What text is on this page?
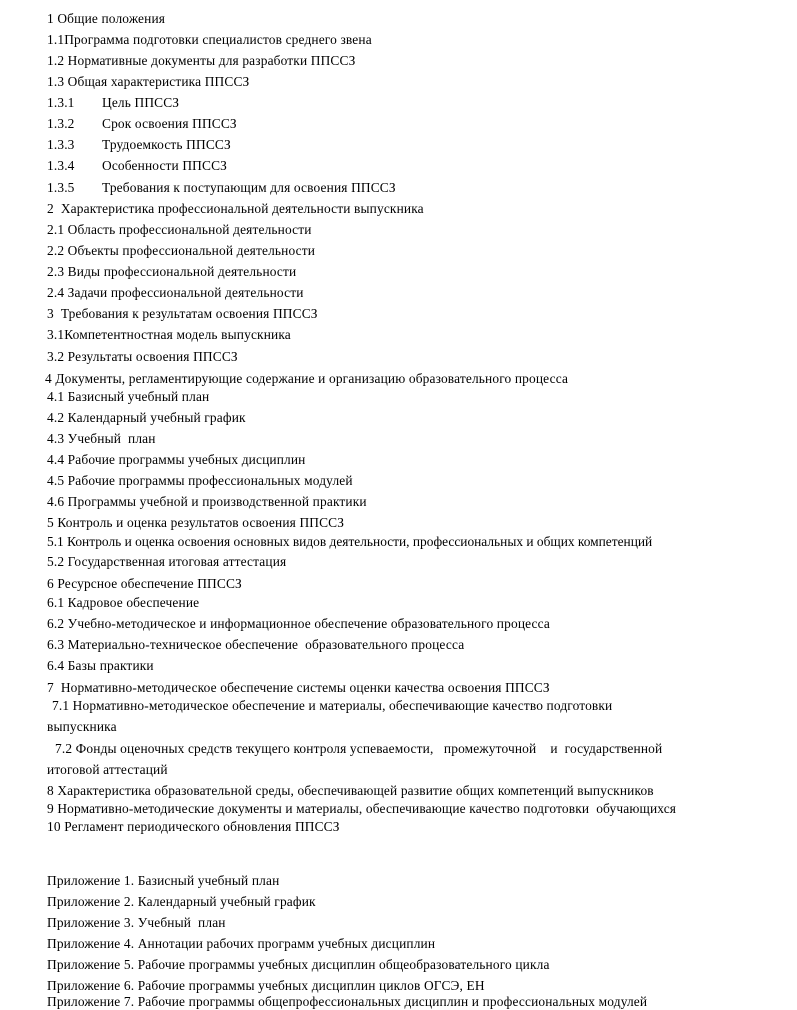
1 Общие положения
1.1Программа подготовки специалистов среднего звена
1.2 Нормативные документы для разработки ППССЗ
1.3 Общая характеристика ППССЗ
1.3.1 Цель ППССЗ
1.3.2 Срок освоения ППССЗ
1.3.3 Трудоемкость ППССЗ
1.3.4 Особенности ППССЗ
1.3.5 Требования к поступающим для освоения ППССЗ
2  Характеристика профессиональной деятельности выпускника
2.1 Область профессиональной деятельности
2.2 Объекты профессиональной деятельности
2.3 Виды профессиональной деятельности
2.4 Задачи профессиональной деятельности
3  Требования к результатам освоения ППССЗ
3.1Компетентностная модель выпускника
3.2 Результаты освоения ППССЗ
4 Документы, регламентирующие содержание и организацию образовательного процесса
4.1 Базисный учебный план
4.2 Календарный учебный график
4.3 Учебный  план
4.4 Рабочие программы учебных дисциплин
4.5 Рабочие программы профессиональных модулей
4.6 Программы учебной и производственной практики
5 Контроль и оценка результатов освоения ППССЗ
5.1 Контроль и оценка освоения основных видов деятельности, профессиональных и общих компетенций
5.2 Государственная итоговая аттестация
6 Ресурсное обеспечение ППССЗ
6.1 Кадровое обеспечение
6.2 Учебно-методическое и информационное обеспечение образовательного процесса
6.3 Материально-техническое обеспечение  образовательного процесса
6.4 Базы практики
7  Нормативно-методическое обеспечение системы оценки качества освоения ППССЗ
7.1 Нормативно-методическое обеспечение и материалы, обеспечивающие качество подготовки
выпускника
7.2 Фонды оценочных средств текущего контроля успеваемости,   промежуточной    и  государственной
итоговой аттестаций
8 Характеристика образовательной среды, обеспечивающей развитие общих компетенций выпускников
9 Нормативно-методические документы и материалы, обеспечивающие качество подготовки  обучающихся
10 Регламент периодического обновления ППССЗ
Приложение 1. Базисный учебный план
Приложение 2. Календарный учебный график
Приложение 3. Учебный  план
Приложение 4. Аннотации рабочих программ учебных дисциплин
Приложение 5. Рабочие программы учебных дисциплин общеобразовательного цикла
Приложение 6. Рабочие программы учебных дисциплин циклов ОГСЭ, ЕН
Приложение 7. Рабочие программы общепрофессиональных дисциплин и профессиональных модулей
